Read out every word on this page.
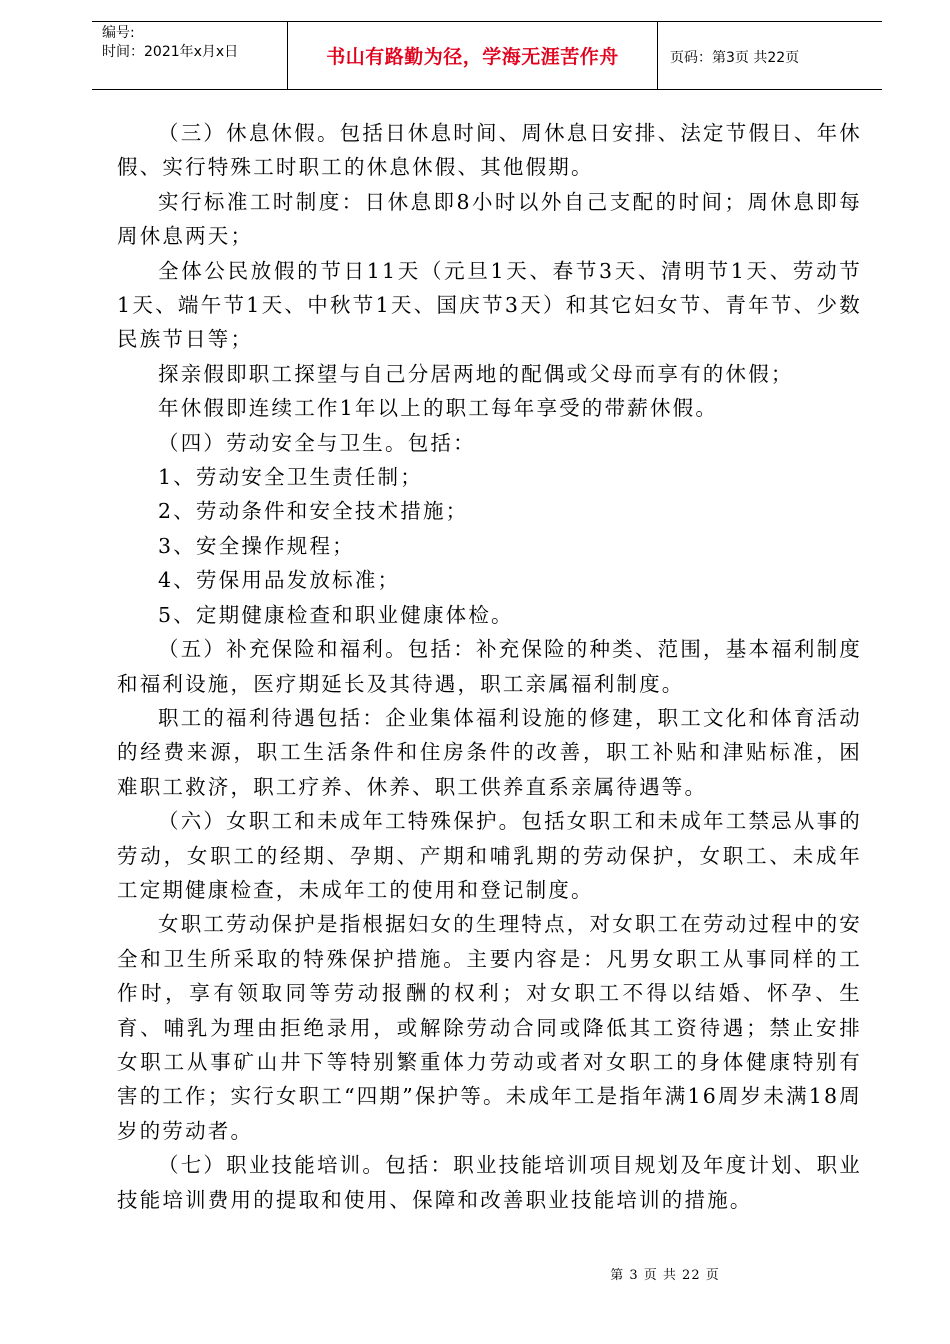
编号:
时间：2021年x月x日	书山有路勤为径，学海无涯苦作舟	页码：第3页 共22页

（三）休息休假。包括日休息时间、周休息日安排、法定节假日、年休假、实行特殊工时职工的休息休假、其他假期。

实行标准工时制度：日休息即8小时以外自己支配的时间；周休息即每周休息两天；

全体公民放假的节日11天（元旦1天、春节3天、清明节1天、劳动节1天、端午节1天、中秋节1天、国庆节3天）和其它妇女节、青年节、少数民族节日等；

探亲假即职工探望与自己分居两地的配偶或父母而享有的休假；

年休假即连续工作1年以上的职工每年享受的带薪休假。

（四）劳动安全与卫生。包括：

1、劳动安全卫生责任制；

2、劳动条件和安全技术措施；

3、安全操作规程；

4、劳保用品发放标准；

5、定期健康检查和职业健康体检。

（五）补充保险和福利。包括：补充保险的种类、范围，基本福利制度和福利设施，医疗期延长及其待遇，职工亲属福利制度。

职工的福利待遇包括：企业集体福利设施的修建，职工文化和体育活动的经费来源，职工生活条件和住房条件的改善，职工补贴和津贴标准，困难职工救济，职工疗养、休养、职工供养直系亲属待遇等。

（六）女职工和未成年工特殊保护。包括女职工和未成年工禁忌从事的劳动，女职工的经期、孕期、产期和哺乳期的劳动保护，女职工、未成年工定期健康检查，未成年工的使用和登记制度。

女职工劳动保护是指根据妇女的生理特点，对女职工在劳动过程中的安全和卫生所采取的特殊保护措施。主要内容是：凡男女职工从事同样的工作时，享有领取同等劳动报酬的权利；对女职工不得以结婚、怀孕、生育、哺乳为理由拒绝录用，或解除劳动合同或降低其工资待遇；禁止安排女职工从事矿山井下等特别繁重体力劳动或者对女职工的身体健康特别有害的工作；实行女职工“四期”保护等。未成年工是指年满16周岁未满18周岁的劳动者。

（七）职业技能培训。包括：职业技能培训项目规划及年度计划、职业技能培训费用的提取和使用、保障和改善职业技能培训的措施。

第 3 页 共 22 页
